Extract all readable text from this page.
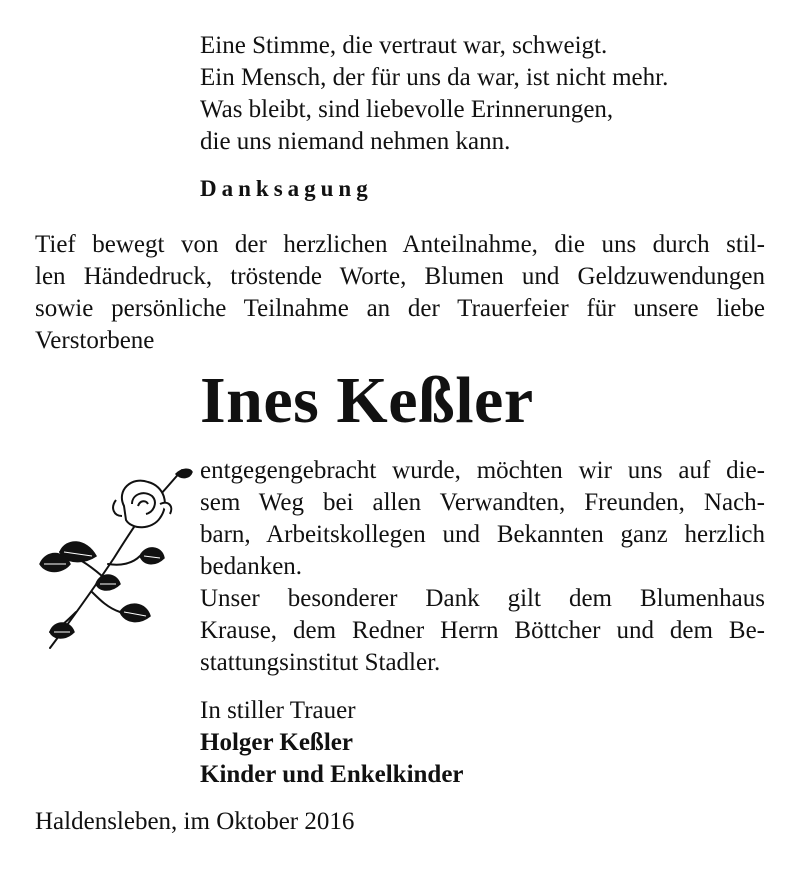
Eine Stimme, die vertraut war, schweigt.
Ein Mensch, der für uns da war, ist nicht mehr.
Was bleibt, sind liebevolle Erinnerungen,
die uns niemand nehmen kann.
Danksagung
Tief bewegt von der herzlichen Anteilnahme, die uns durch stil-
len Händedruck, tröstende Worte, Blumen und Geldzuwendungen
sowie persönliche Teilnahme an der Trauerfeier für unsere liebe
Verstorbene
Ines Keßler
entgegengebracht wurde, möchten wir uns auf die-
sem Weg bei allen Verwandten, Freunden, Nach-
barn, Arbeitskollegen und Bekannten ganz herzlich
bedanken.
Unser besonderer Dank gilt dem Blumenhaus
Krause, dem Redner Herrn Böttcher und dem Be-
stattungsinstitut Stadler.
In stiller Trauer
Holger Keßler
Kinder und Enkelkinder
Haldensleben, im Oktober 2016
